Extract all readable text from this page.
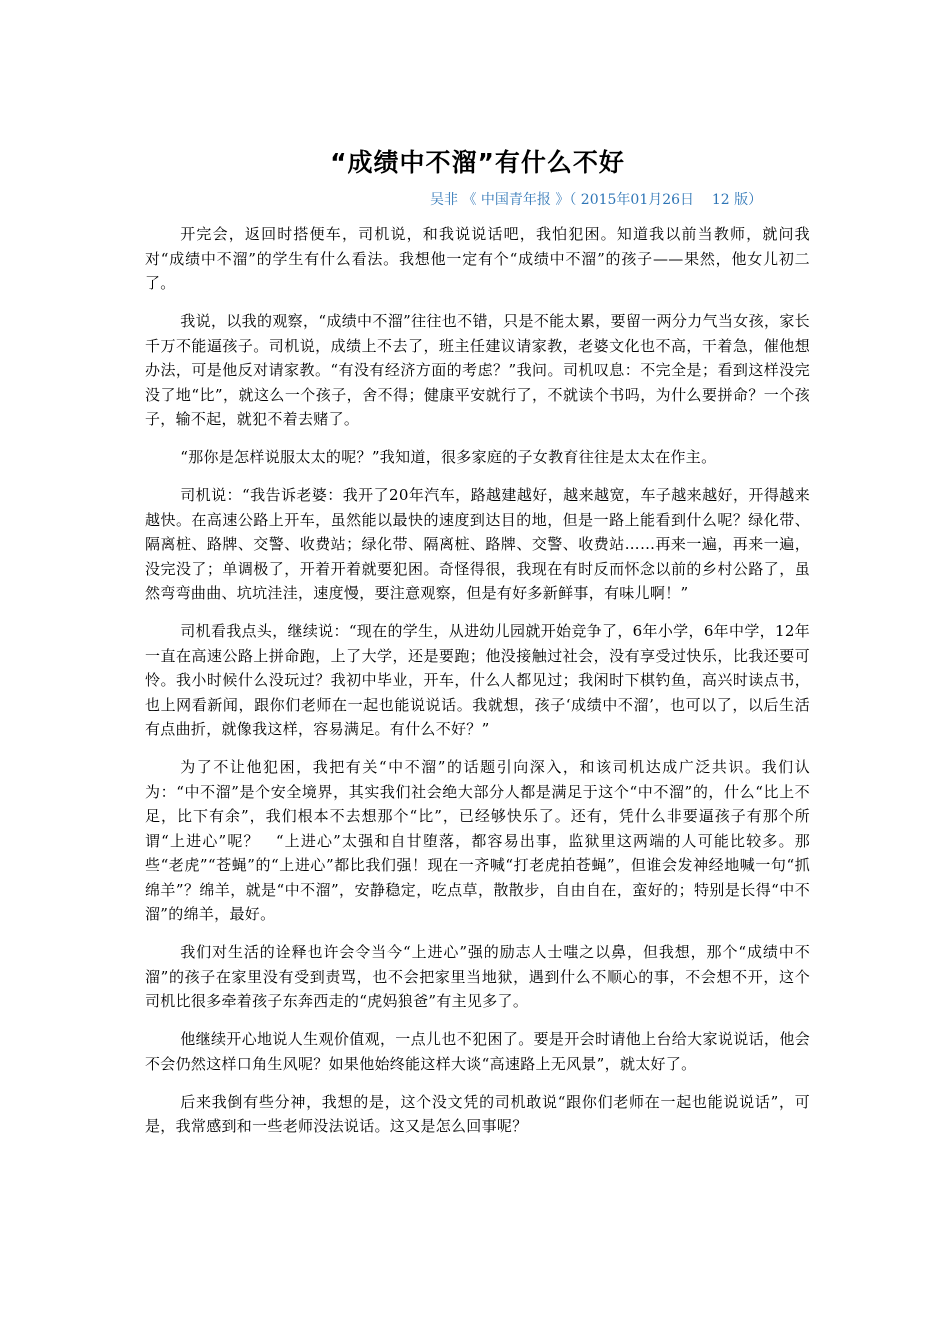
“成绩中不溜”有什么不好
吴非 《 中国青年报 》（ 2015年01月26日    12 版）

开完会，返回时搭便车，司机说，和我说说话吧，我怕犯困。知道我以前当教师，就问我对“成绩中不溜”的学生有什么看法。我想他一定有个“成绩中不溜”的孩子——果然，他女儿初二了。

我说，以我的观察，“成绩中不溜”往往也不错，只是不能太累，要留一两分力气当女孩，家长千万不能逼孩子。司机说，成绩上不去了，班主任建议请家教，老婆文化也不高，干着急，催他想办法，可是他反对请家教。“有没有经济方面的考虑？”我问。司机叹息：不完全是；看到这样没完没了地“比”，就这么一个孩子，舍不得；健康平安就行了，不就读个书吗，为什么要拼命？一个孩子，输不起，就犯不着去赌了。

“那你是怎样说服太太的呢？”我知道，很多家庭的子女教育往往是太太在作主。

司机说：“我告诉老婆：我开了20年汽车，路越建越好，越来越宽，车子越来越好，开得越来越快。在高速公路上开车，虽然能以最快的速度到达目的地，但是一路上能看到什么呢？绿化带、隔离桩、路牌、交警、收费站；绿化带、隔离桩、路牌、交警、收费站……再来一遍，再来一遍，没完没了；单调极了，开着开着就要犯困。奇怪得很，我现在有时反而怀念以前的乡村公路了，虽然弯弯曲曲、坑坑洼洼，速度慢，要注意观察，但是有好多新鲜事，有味儿啊！”

司机看我点头，继续说：“现在的学生，从进幼儿园就开始竞争了，6年小学，6年中学，12年一直在高速公路上拼命跑，上了大学，还是要跑；他没接触过社会，没有享受过快乐，比我还要可怜。我小时候什么没玩过？我初中毕业，开车，什么人都见过；我闲时下棋钓鱼，高兴时读点书，也上网看新闻，跟你们老师在一起也能说说话。我就想，孩子‘成绩中不溜’，也可以了，以后生活有点曲折，就像我这样，容易满足。有什么不好？”

为了不让他犯困，我把有关“中不溜”的话题引向深入，和该司机达成广泛共识。我们认为：“中不溜”是个安全境界，其实我们社会绝大部分人都是满足于这个“中不溜”的，什么“比上不足，比下有余”，我们根本不去想那个“比”，已经够快乐了。还有，凭什么非要逼孩子有那个所谓“上进心”呢？　“上进心”太强和自甘堕落，都容易出事，监狱里这两端的人可能比较多。那些“老虎”“苍蝇”的“上进心”都比我们强！现在一齐喊“打老虎拍苍蝇”，但谁会发神经地喊一句“抓绵羊”？绵羊，就是“中不溜”，安静稳定，吃点草，散散步，自由自在，蛮好的；特别是长得“中不溜”的绵羊，最好。

我们对生活的诠释也许会令当今“上进心”强的励志人士嗤之以鼻，但我想，那个“成绩中不溜”的孩子在家里没有受到责骂，也不会把家里当地狱，遇到什么不顺心的事，不会想不开，这个司机比很多牵着孩子东奔西走的“虎妈狼爸”有主见多了。

他继续开心地说人生观价值观，一点儿也不犯困了。要是开会时请他上台给大家说说话，他会不会仍然这样口角生风呢？如果他始终能这样大谈“高速路上无风景”，就太好了。

后来我倒有些分神，我想的是，这个没文凭的司机敢说“跟你们老师在一起也能说说话”，可是，我常感到和一些老师没法说话。这又是怎么回事呢？
